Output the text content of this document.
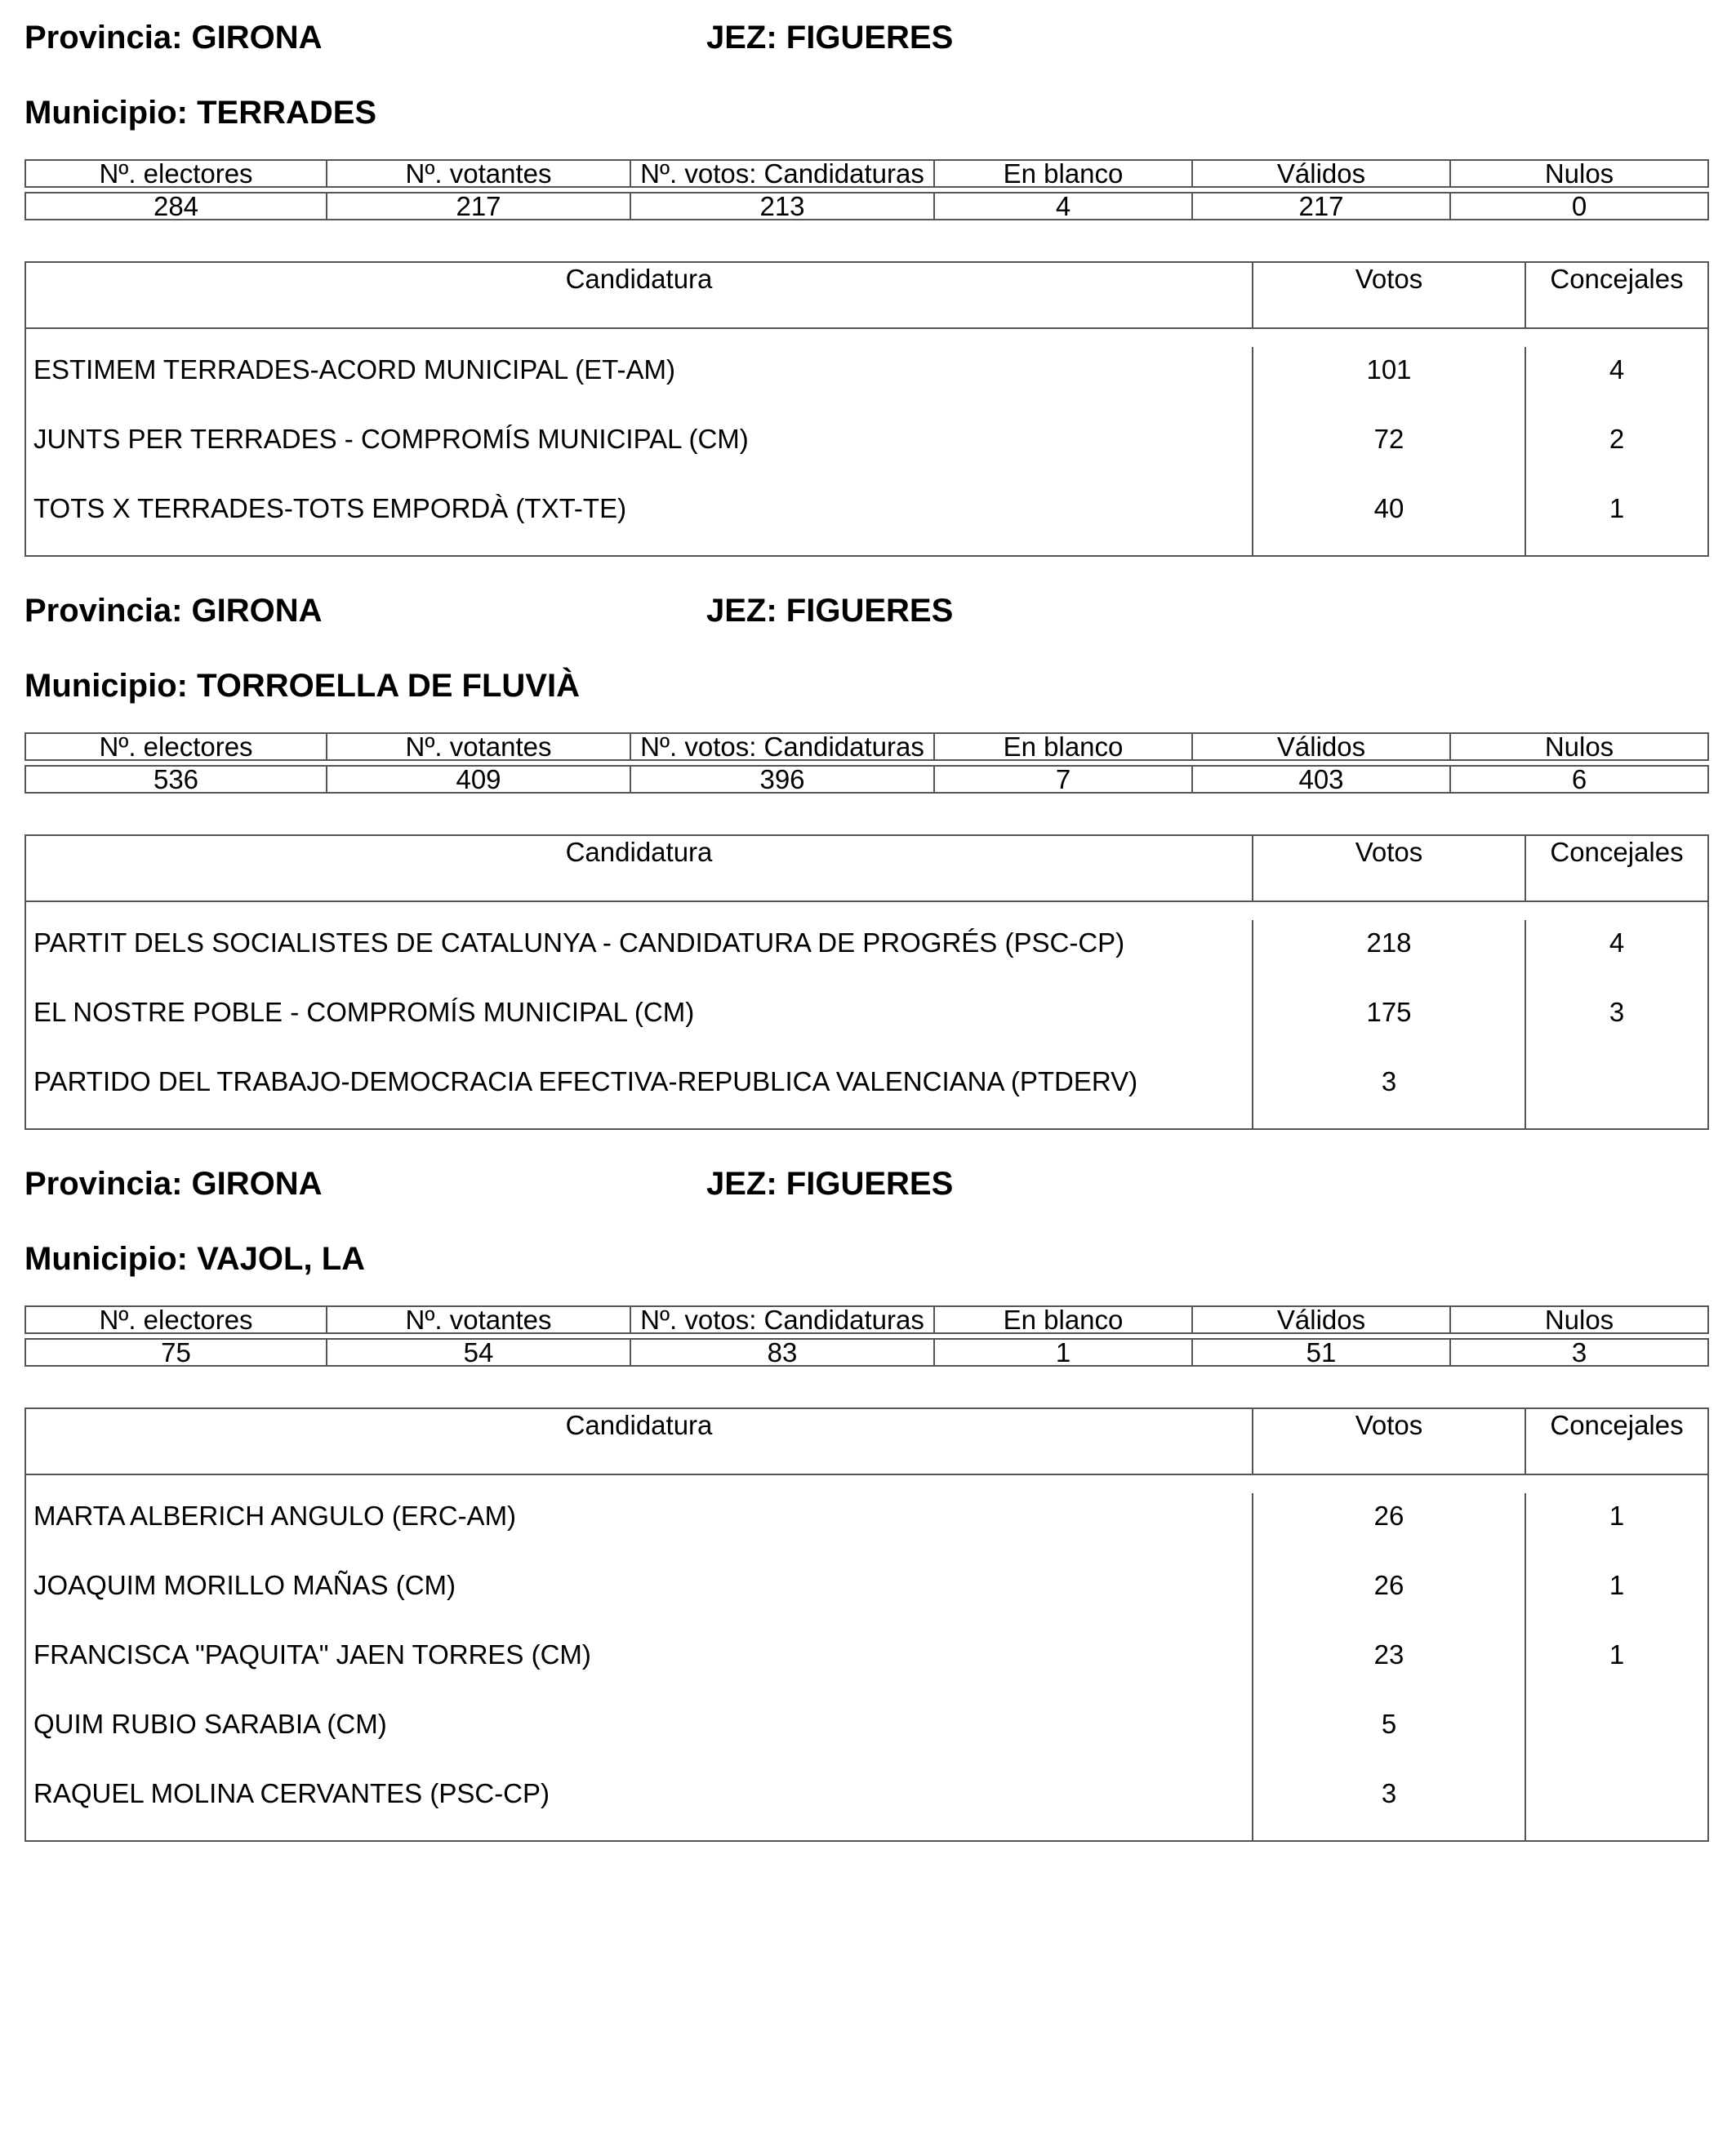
Provincia: GIRONA	JEZ: FIGUERES
Municipio: TERRADES
Nº. electores	Nº. votantes	Nº. votos: Candidaturas	En blanco	Válidos	Nulos
284	217	213	4	217	0
Candidatura	Votos	Concejales
ESTIMEM TERRADES-ACORD MUNICIPAL (ET-AM)	101	4
JUNTS PER TERRADES - COMPROMÍS MUNICIPAL (CM)	72	2
TOTS X TERRADES-TOTS EMPORDÀ (TXT-TE)	40	1
Provincia: GIRONA	JEZ: FIGUERES
Municipio: TORROELLA DE FLUVIÀ
Nº. electores	Nº. votantes	Nº. votos: Candidaturas	En blanco	Válidos	Nulos
536	409	396	7	403	6
Candidatura	Votos	Concejales
PARTIT DELS SOCIALISTES DE CATALUNYA - CANDIDATURA DE PROGRÉS (PSC-CP)	218	4
EL NOSTRE POBLE - COMPROMÍS MUNICIPAL (CM)	175	3
PARTIDO DEL TRABAJO-DEMOCRACIA EFECTIVA-REPUBLICA VALENCIANA (PTDERV)	3
Provincia: GIRONA	JEZ: FIGUERES
Municipio: VAJOL, LA
Nº. electores	Nº. votantes	Nº. votos: Candidaturas	En blanco	Válidos	Nulos
75	54	83	1	51	3
Candidatura	Votos	Concejales
MARTA ALBERICH ANGULO (ERC-AM)	26	1
JOAQUIM MORILLO MAÑAS (CM)	26	1
FRANCISCA "PAQUITA" JAEN TORRES (CM)	23	1
QUIM RUBIO SARABIA (CM)	5
RAQUEL MOLINA CERVANTES (PSC-CP)	3
